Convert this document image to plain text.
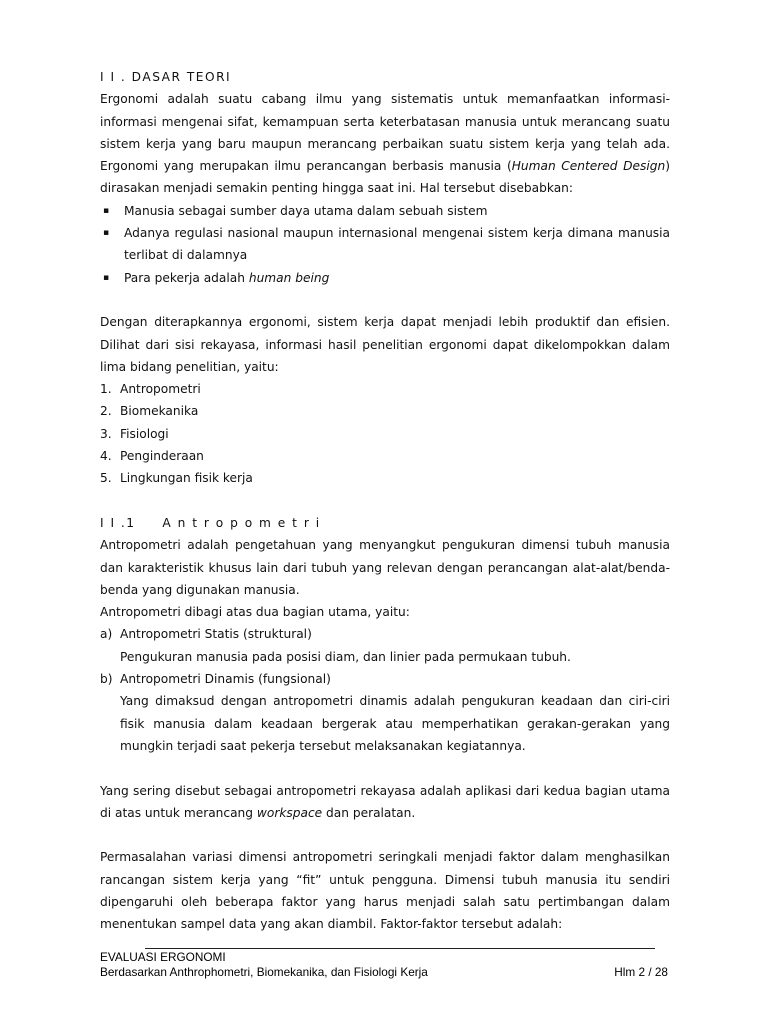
I I . DASAR TEORI

Ergonomi adalah suatu cabang ilmu yang sistematis untuk memanfaatkan informasi-informasi mengenai sifat, kemampuan serta keterbatasan manusia untuk merancang suatu sistem kerja yang baru maupun merancang perbaikan suatu sistem kerja yang telah ada. Ergonomi yang merupakan ilmu perancangan berbasis manusia (Human Centered Design) dirasakan menjadi semakin penting hingga saat ini. Hal tersebut disebabkan:

▪ Manusia sebagai sumber daya utama dalam sebuah sistem
▪ Adanya regulasi nasional maupun internasional mengenai sistem kerja dimana manusia terlibat di dalamnya
▪ Para pekerja adalah human being

Dengan diterapkannya ergonomi, sistem kerja dapat menjadi lebih produktif dan efisien. Dilihat dari sisi rekayasa, informasi hasil penelitian ergonomi dapat dikelompokkan dalam lima bidang penelitian, yaitu:

1. Antropometri
2. Biomekanika
3. Fisiologi
4. Penginderaan
5. Lingkungan fisik kerja
I I .1     A n t r o p o m e t r i

Antropometri adalah pengetahuan yang menyangkut pengukuran dimensi tubuh manusia dan karakteristik khusus lain dari tubuh yang relevan dengan perancangan alat-alat/benda-benda yang digunakan manusia.

Antropometri dibagi atas dua bagian utama, yaitu:

a) Antropometri Statis (struktural)

Pengukuran manusia pada posisi diam, dan linier pada permukaan tubuh.

b) Antropometri Dinamis (fungsional)

Yang dimaksud dengan antropometri dinamis adalah pengukuran keadaan dan ciri-ciri fisik manusia dalam keadaan bergerak atau memperhatikan gerakan-gerakan yang mungkin terjadi saat pekerja tersebut melaksanakan kegiatannya.

Yang sering disebut sebagai antropometri rekayasa adalah aplikasi dari kedua bagian utama di atas untuk merancang workspace dan peralatan.

Permasalahan variasi dimensi antropometri seringkali menjadi faktor dalam menghasilkan rancangan sistem kerja yang “fit” untuk pengguna. Dimensi tubuh manusia itu sendiri dipengaruhi oleh beberapa faktor yang harus menjadi salah satu pertimbangan dalam menentukan sampel data yang akan diambil. Faktor-faktor tersebut adalah:

EVALUASI ERGONOMI
Berdasarkan Anthrophometri, Biomekanika, dan Fisiologi Kerja	Hlm 2 / 28
